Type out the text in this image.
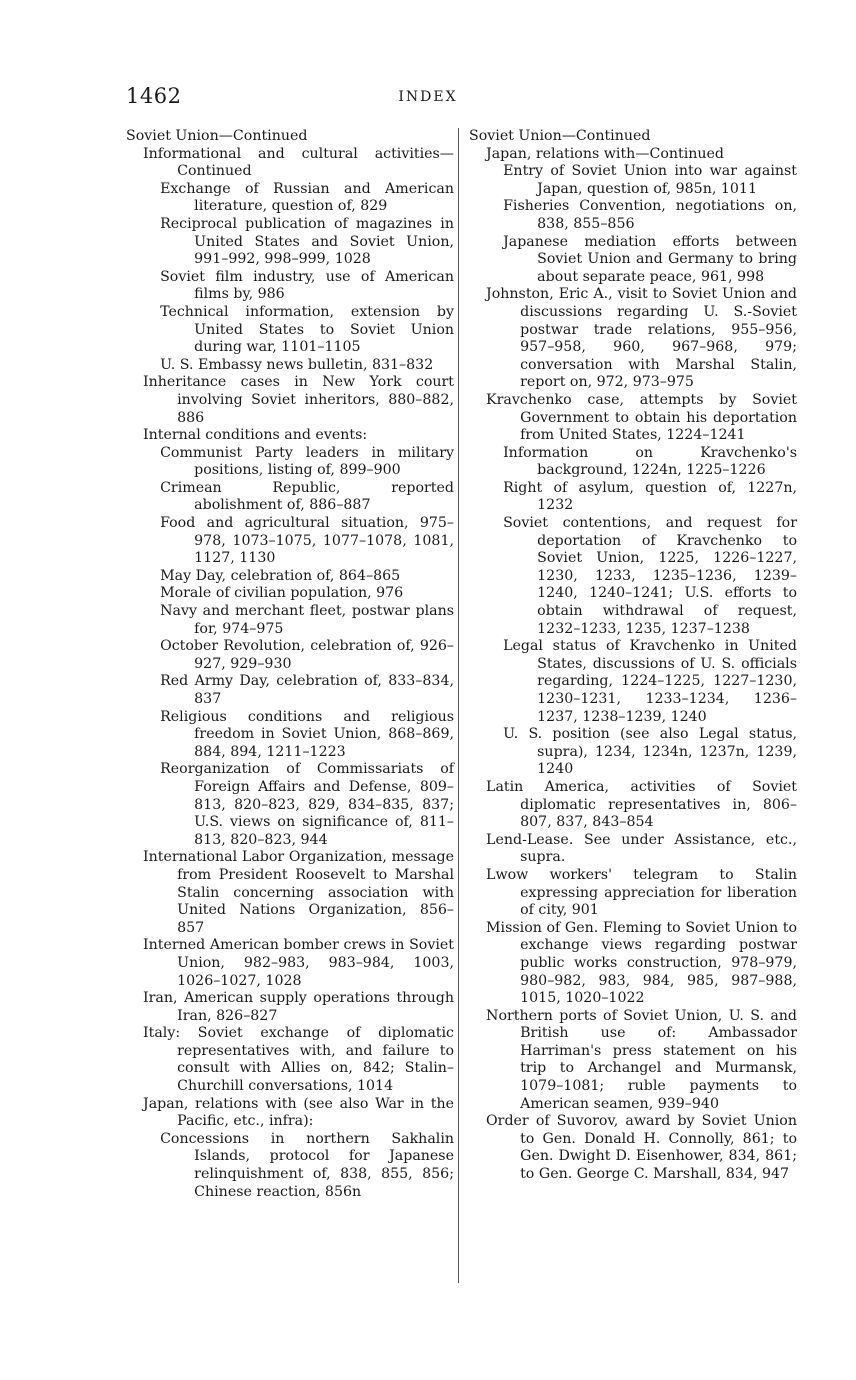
1462	INDEX
Soviet Union—Continued
Informational and cultural activities—Continued
Exchange of Russian and American literature, question of, 829
Reciprocal publication of magazines in United States and Soviet Union, 991–992, 998–999, 1028
Soviet film industry, use of American films by, 986
Technical information, extension by United States to Soviet Union during war, 1101–1105
U. S. Embassy news bulletin, 831–832
Inheritance cases in New York court involving Soviet inheritors, 880–882, 886
Internal conditions and events:
Communist Party leaders in military positions, listing of, 899–900
Crimean Republic, reported abolishment of, 886–887
Food and agricultural situation, 975–978, 1073–1075, 1077–1078, 1081, 1127, 1130
May Day, celebration of, 864–865
Morale of civilian population, 976
Navy and merchant fleet, postwar plans for, 974–975
October Revolution, celebration of, 926–927, 929–930
Red Army Day, celebration of, 833–834, 837
Religious conditions and religious freedom in Soviet Union, 868–869, 884, 894, 1211–1223
Reorganization of Commissariats of Foreign Affairs and Defense, 809–813, 820–823, 829, 834–835, 837; U.S. views on significance of, 811–813, 820–823, 944
International Labor Organization, message from President Roosevelt to Marshal Stalin concerning association with United Nations Organization, 856–857
Interned American bomber crews in Soviet Union, 982–983, 983–984, 1003, 1026–1027, 1028
Iran, American supply operations through Iran, 826–827
Italy: Soviet exchange of diplomatic representatives with, and failure to consult with Allies on, 842; Stalin–Churchill conversations, 1014
Japan, relations with (see also War in the Pacific, etc., infra):
Concessions in northern Sakhalin Islands, protocol for Japanese relinquishment of, 838, 855, 856; Chinese reaction, 856n
Soviet Union—Continued
Japan, relations with—Continued
Entry of Soviet Union into war against Japan, question of, 985n, 1011
Fisheries Convention, negotiations on, 838, 855–856
Japanese mediation efforts between Soviet Union and Germany to bring about separate peace, 961, 998
Johnston, Eric A., visit to Soviet Union and discussions regarding U. S.-Soviet postwar trade relations, 955–956, 957–958, 960, 967–968, 979; conversation with Marshal Stalin, report on, 972, 973–975
Kravchenko case, attempts by Soviet Government to obtain his deportation from United States, 1224–1241
Information on Kravchenko's background, 1224n, 1225–1226
Right of asylum, question of, 1227n, 1232
Soviet contentions, and request for deportation of Kravchenko to Soviet Union, 1225, 1226–1227, 1230, 1233, 1235–1236, 1239–1240, 1240–1241; U.S. efforts to obtain withdrawal of request, 1232–1233, 1235, 1237–1238
Legal status of Kravchenko in United States, discussions of U. S. officials regarding, 1224–1225, 1227–1230, 1230–1231, 1233–1234, 1236–1237, 1238–1239, 1240
U. S. position (see also Legal status, supra), 1234, 1234n, 1237n, 1239, 1240
Latin America, activities of Soviet diplomatic representatives in, 806–807, 837, 843–854
Lend-Lease. See under Assistance, etc., supra.
Lwow workers' telegram to Stalin expressing appreciation for liberation of city, 901
Mission of Gen. Fleming to Soviet Union to exchange views regarding postwar public works construction, 978–979, 980–982, 983, 984, 985, 987–988, 1015, 1020–1022
Northern ports of Soviet Union, U. S. and British use of: Ambassador Harriman's press statement on his trip to Archangel and Murmansk, 1079–1081; ruble payments to American seamen, 939–940
Order of Suvorov, award by Soviet Union to Gen. Donald H. Connolly, 861; to Gen. Dwight D. Eisenhower, 834, 861; to Gen. George C. Marshall, 834, 947
